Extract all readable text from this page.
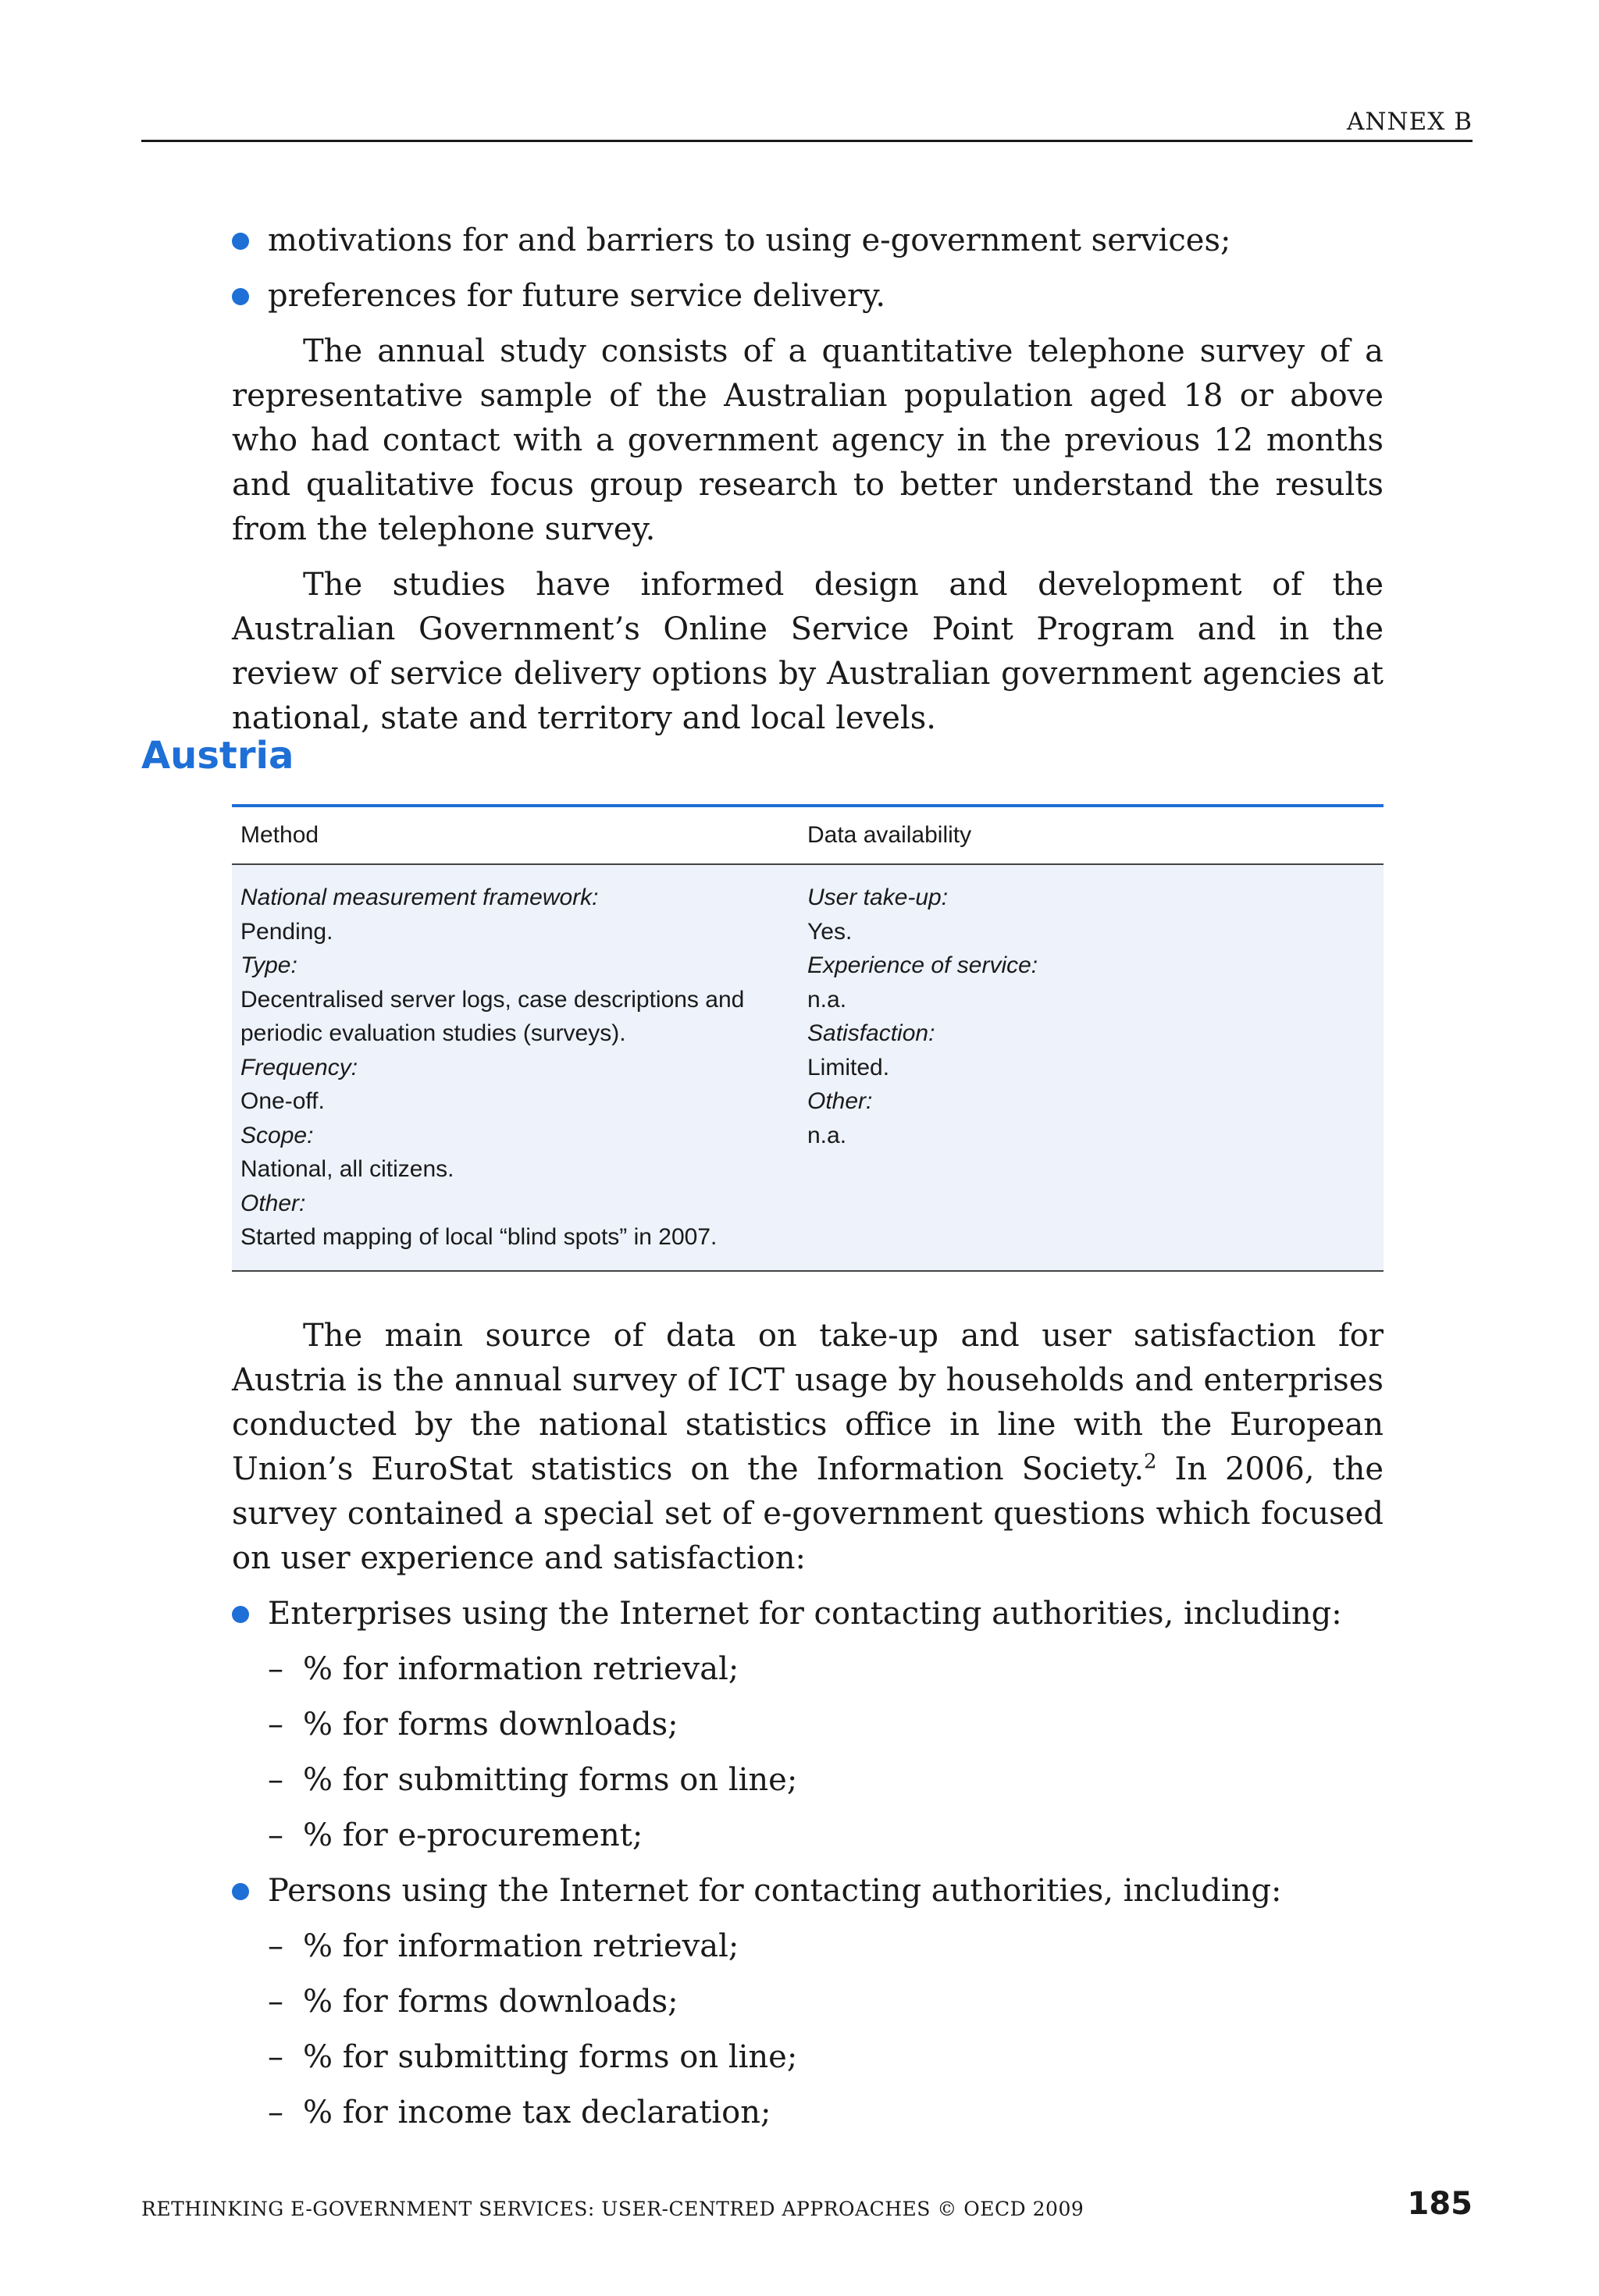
ANNEX B
motivations for and barriers to using e-government services;
preferences for future service delivery.

The annual study consists of a quantitative telephone survey of a representative sample of the Australian population aged 18 or above who had contact with a government agency in the previous 12 months and qualitative focus group research to better understand the results from the telephone survey.

The studies have informed design and development of the Australian Government’s Online Service Point Program and in the review of service delivery options by Australian government agencies at national, state and territory and local levels.

Austria
Method	Data availability
National measurement framework:
Pending.
Type:
Decentralised server logs, case descriptions and periodic evaluation studies (surveys).
Frequency:
One-off.
Scope:
National, all citizens.
Other:
Started mapping of local “blind spots” in 2007.
User take-up:
Yes.
Experience of service:
n.a.
Satisfaction:
Limited.
Other:
n.a.

The main source of data on take-up and user satisfaction for Austria is the annual survey of ICT usage by households and enterprises conducted by the national statistics office in line with the European Union’s EuroStat statistics on the Information Society.$^2$ In 2006, the survey contained a special set of e-government questions which focused on user experience and satisfaction:

Enterprises using the Internet for contacting authorities, including:
– % for information retrieval;
– % for forms downloads;
– % for submitting forms on line;
– % for e-procurement;
Persons using the Internet for contacting authorities, including:
– % for information retrieval;
– % for forms downloads;
– % for submitting forms on line;
– % for income tax declaration;
RETHINKING E-GOVERNMENT SERVICES: USER-CENTRED APPROACHES © OECD 2009	185
